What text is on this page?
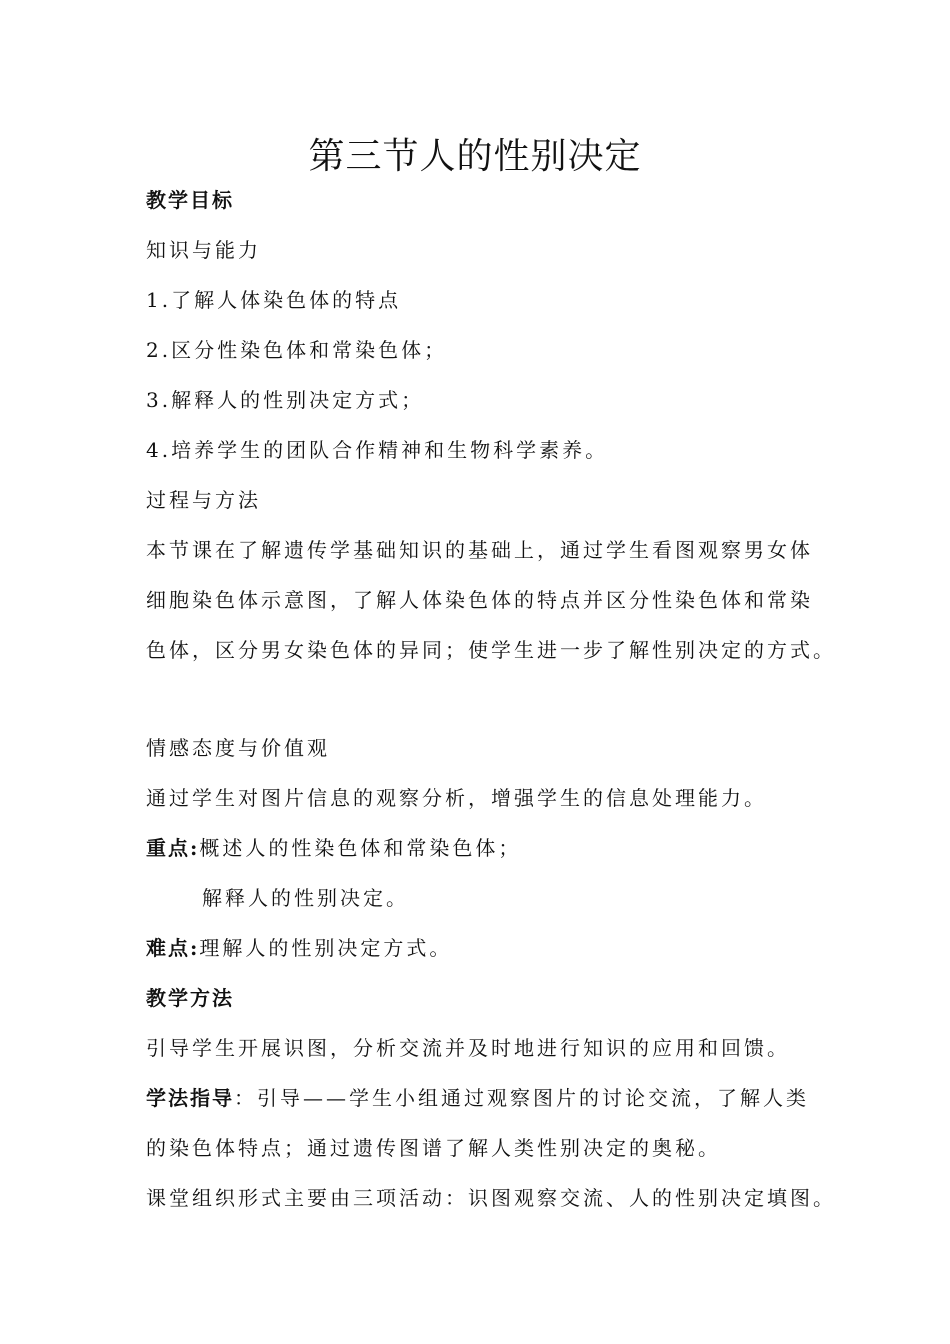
第三节人的性别决定
教学目标
知识与能力
1.了解人体染色体的特点
2.区分性染色体和常染色体；
3.解释人的性别决定方式；
4.培养学生的团队合作精神和生物科学素养。
过程与方法
本节课在了解遗传学基础知识的基础上，通过学生看图观察男女体
细胞染色体示意图，了解人体染色体的特点并区分性染色体和常染
色体，区分男女染色体的异同；使学生进一步了解性别决定的方式。
情感态度与价值观
通过学生对图片信息的观察分析，增强学生的信息处理能力。
重点:概述人的性染色体和常染色体；
解释人的性别决定。
难点:理解人的性别决定方式。
教学方法
引导学生开展识图，分析交流并及时地进行知识的应用和回馈。
学法指导：引导——学生小组通过观察图片的讨论交流，了解人类
的染色体特点；通过遗传图谱了解人类性别决定的奥秘。
课堂组织形式主要由三项活动：识图观察交流、人的性别决定填图。
